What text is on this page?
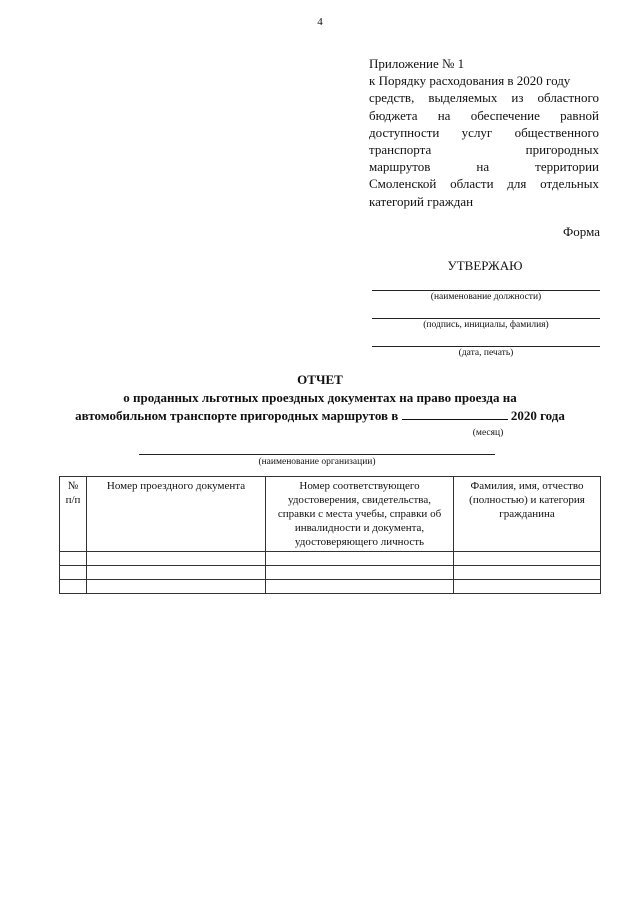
4
Приложение № 1
к Порядку расходования в 2020 году
средств, выделяемых из областного
бюджета на обеспечение равной
доступности услуг общественного
транспорта пригородных
маршрутов на территории
Смоленской области для отдельных
категорий граждан
Форма
УТВЕРЖАЮ
(наименование должности)
(подпись, инициалы, фамилия)
(дата, печать)
ОТЧЕТ
о проданных льготных проездных документах на право проезда на
автомобильном транспорте пригородных маршрутов в	2020 года
(месяц)
(наименование организации)
№ п/п	Номер проездного документа	Номер соответствующего удостоверения, свидетельства, справки с места учебы, справки об инвалидности и документа, удостоверяющего личность	Фамилия, имя, отчество (полностью) и категория гражданина
